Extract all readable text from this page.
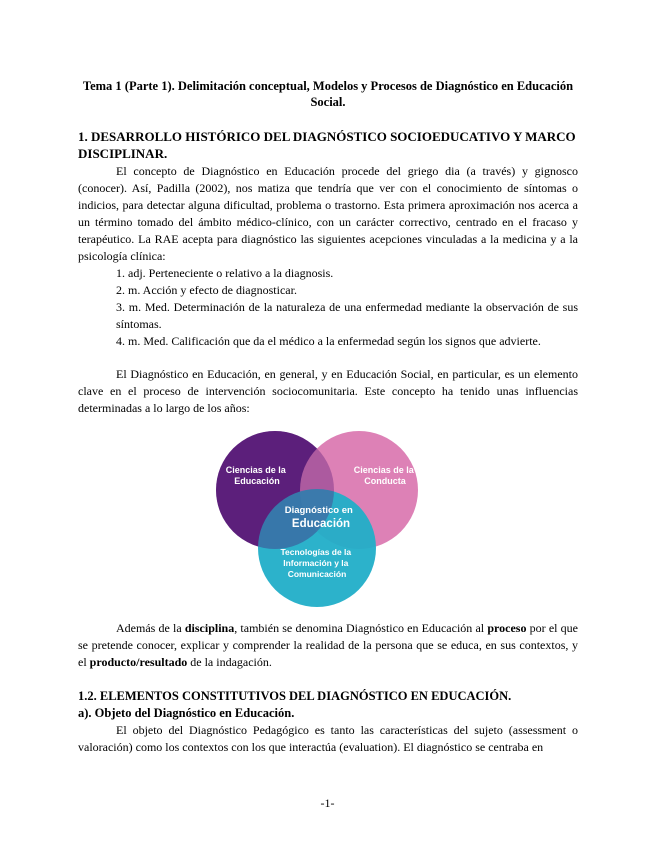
Tema 1 (Parte 1). Delimitación conceptual, Modelos y Procesos de Diagnóstico en Educación Social.
1. DESARROLLO HISTÓRICO DEL DIAGNÓSTICO SOCIOEDUCATIVO Y MARCO DISCIPLINAR.
El concepto de Diagnóstico en Educación procede del griego dia (a través) y gignosco (conocer). Así, Padilla (2002), nos matiza que tendría que ver con el conocimiento de síntomas o indicios, para detectar alguna dificultad, problema o trastorno. Esta primera aproximación nos acerca a un término tomado del ámbito médico-clínico, con un carácter correctivo, centrado en el fracaso y terapéutico. La RAE acepta para diagnóstico las siguientes acepciones vinculadas a la medicina y a la psicología clínica:
1. adj. Perteneciente o relativo a la diagnosis.
2. m. Acción y efecto de diagnosticar.
3. m. Med. Determinación de la naturaleza de una enfermedad mediante la observación de sus síntomas.
4. m. Med. Calificación que da el médico a la enfermedad según los signos que advierte.
El Diagnóstico en Educación, en general, y en Educación Social, en particular, es un elemento clave en el proceso de intervención sociocomunitaria. Este concepto ha tenido unas influencias determinadas a lo largo de los años:
Además de la disciplina, también se denomina Diagnóstico en Educación al proceso por el que se pretende conocer, explicar y comprender la realidad de la persona que se educa, en sus contextos, y el producto/resultado de la indagación.
1.2. ELEMENTOS CONSTITUTIVOS DEL DIAGNÓSTICO EN EDUCACIÓN.
a). Objeto del Diagnóstico en Educación.
El objeto del Diagnóstico Pedagógico es tanto las características del sujeto (assessment o valoración) como los contextos con los que interactúa (evaluation). El diagnóstico se centraba en
Ciencias de la Educación
Ciencias de la Conducta
Diagnóstico en Educación
Tecnologías de la Información y la Comunicación
-1-
